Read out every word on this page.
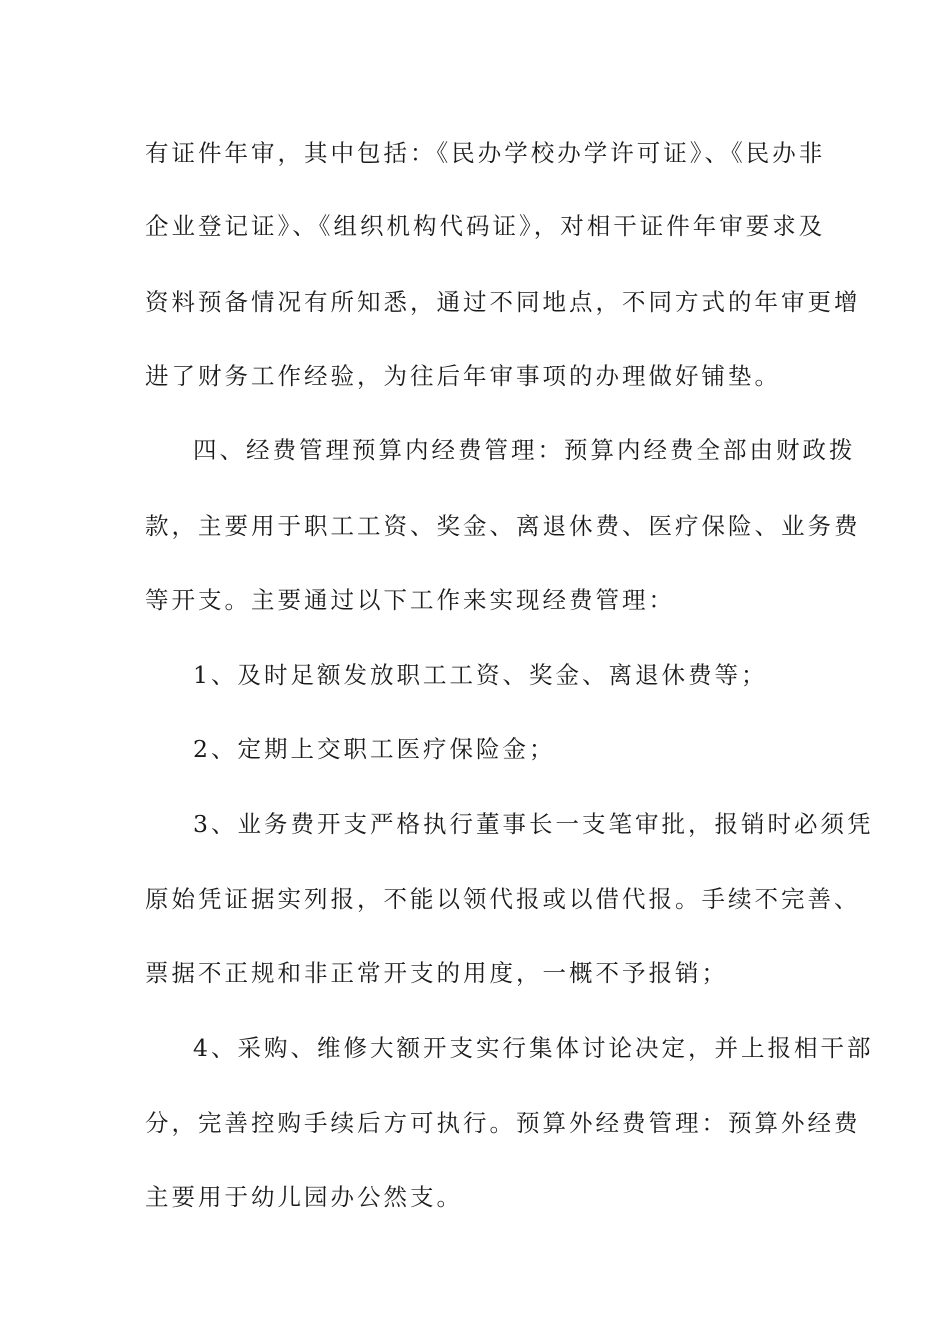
有证件年审，其中包括：《民办学校办学许可证》、《民办非
企业登记证》、《组织机构代码证》，对相干证件年审要求及
资料预备情况有所知悉，通过不同地点，不同方式的年审更增
进了财务工作经验，为往后年审事项的办理做好铺垫。
四、经费管理预算内经费管理：预算内经费全部由财政拨
款，主要用于职工工资、奖金、离退休费、医疗保险、业务费
等开支。主要通过以下工作来实现经费管理：
1、及时足额发放职工工资、奖金、离退休费等；
2、定期上交职工医疗保险金；
3、业务费开支严格执行董事长一支笔审批，报销时必须凭
原始凭证据实列报，不能以领代报或以借代报。手续不完善、
票据不正规和非正常开支的用度，一概不予报销；
4、采购、维修大额开支实行集体讨论决定，并上报相干部
分，完善控购手续后方可执行。预算外经费管理：预算外经费
主要用于幼儿园办公然支。
